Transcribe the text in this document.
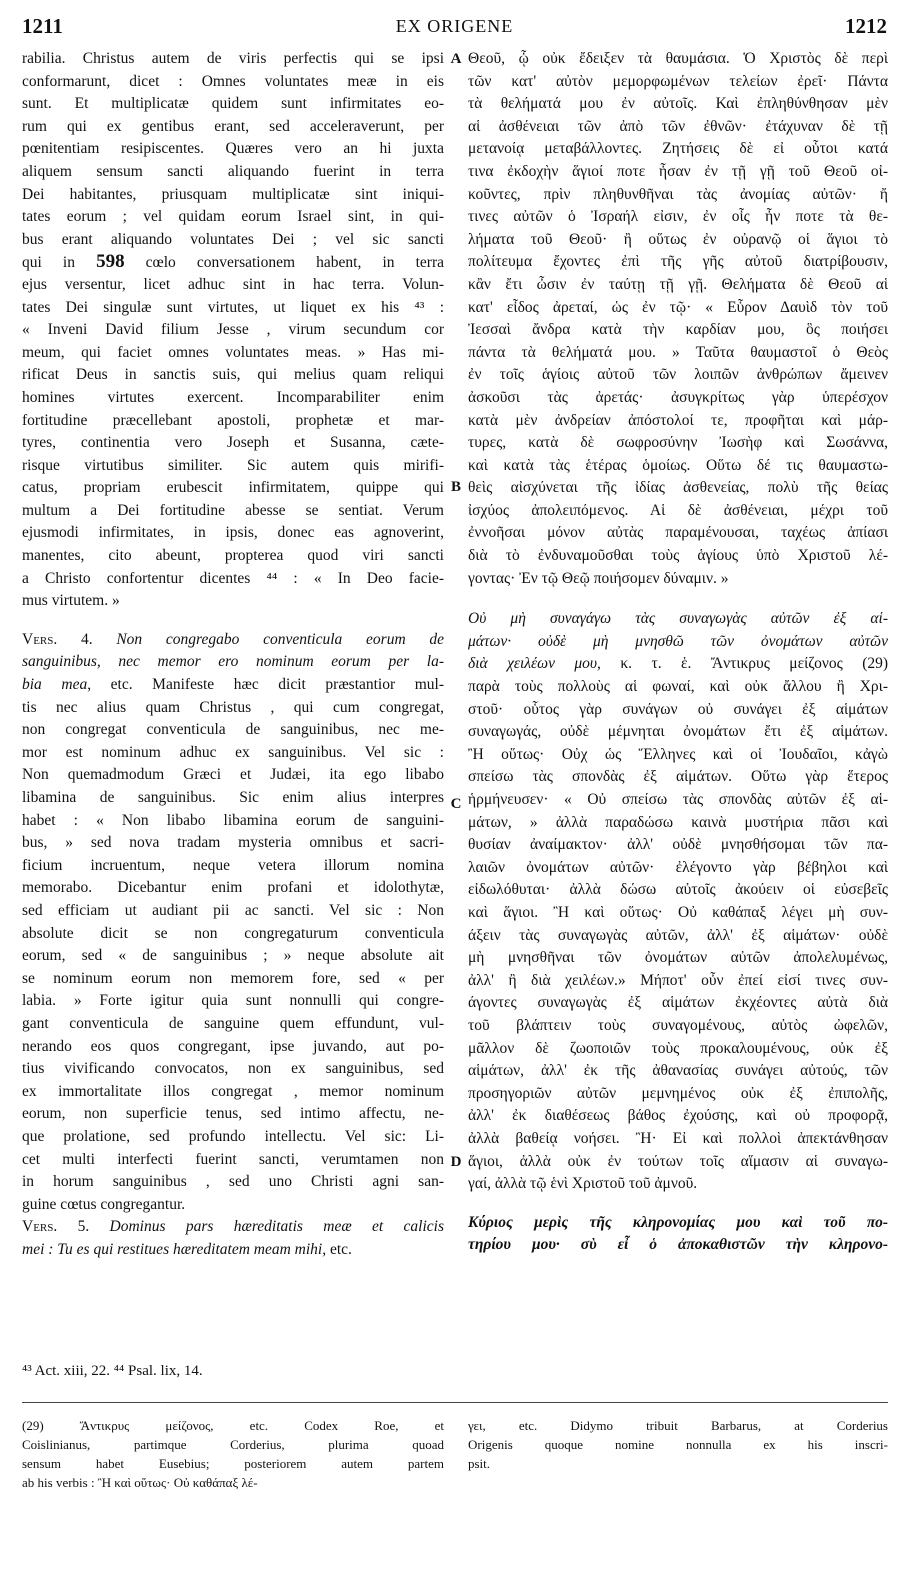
1211	EX ORIGENE	1212
rabilia. Christus autem de viris perfectis qui se ipsi
conformarunt, dicet : Omnes voluntates meæ in eis
sunt. Et multiplicatæ quidem sunt infirmitates eo-
rum qui ex gentibus erant, sed acceleraverunt, per
pœnitentiam resipiscentes. Quæres vero an hi juxta
aliquem sensum sancti aliquando fuerint in terra
Dei habitantes, priusquam multiplicatæ sint iniqui-
tates eorum ; vel quidam eorum Israel sint, in qui-
bus erant aliquando voluntates Dei ; vel sic sancti
qui in 598 cœlo conversationem habent, in terra
ejus versentur, licet adhuc sint in hac terra. Volun-
tates Dei singulæ sunt virtutes, ut liquet ex his ⁴³ :
« Inveni David filium Jesse , virum secundum cor
meum, qui faciet omnes voluntates meas. » Has mi-
rificat Deus in sanctis suis, qui melius quam reliqui
homines virtutes exercent. Incomparabiliter enim
fortitudine præcellebant apostoli, prophetæ et mar-
tyres, continentia vero Joseph et Susanna, cæte-
risque virtutibus similiter. Sic autem quis mirifi-
catus, propriam erubescit infirmitatem, quippe qui
multum a Dei fortitudine abesse se sentiat. Verum
ejusmodi infirmitates, in ipsis, donec eas agnoverint,
manentes, cito abeunt, propterea quod viri sancti
a Christo confortentur dicentes ⁴⁴ : « In Deo facie-
mus virtutem. »
Vers. 4. Non congregabo conventicula eorum de
sanguinibus, nec memor ero nominum eorum per la-
bia mea, etc. Manifeste hæc dicit præstantior mul-
tis nec alius quam Christus , qui cum congregat,
non congregat conventicula de sanguinibus, nec me-
mor est nominum adhuc ex sanguinibus. Vel sic :
Non quemadmodum Græci et Judæi, ita ego libabo
libamina de sanguinibus. Sic enim alius interpres
habet : « Non libabo libamina eorum de sanguini-
bus, » sed nova tradam mysteria omnibus et sacri-
ficium incruentum, neque vetera illorum nomina
memorabo. Dicebantur enim profani et idolothytæ,
sed efficiam ut audiant pii ac sancti. Vel sic : Non
absolute dicit se non congregaturum conventicula
eorum, sed « de sanguinibus ; » neque absolute ait
se nominum eorum non memorem fore, sed « per
labia. » Forte igitur quia sunt nonnulli qui congre-
gant conventicula de sanguine quem effundunt, vul-
nerando eos quos congregant, ipse juvando, aut po-
tius vivificando convocatos, non ex sanguinibus, sed
ex immortalitate illos congregat , memor nominum
eorum, non superficie tenus, sed intimo affectu, ne-
que prolatione, sed profundo intellectu. Vel sic: Li-
cet multi interfecti fuerint sancti, verumtamen non
in horum sanguinibus , sed uno Christi agni san-
guine cœtus congregantur.
Vers. 5. Dominus pars hæreditatis meæ et calicis
mei : Tu es qui restitues hæreditatem meam mihi, etc.
A
B
C
D
Θεοῦ, ᾧ οὐκ ἔδειξεν τὰ θαυμάσια. Ὁ Χριστὸς δὲ περὶ
τῶν κατ' αὐτὸν μεμορφωμένων τελείων ἐρεῖ· Πάντα
τὰ θελήματά μου ἐν αὐτοῖς. Καὶ ἐπληθύνθησαν μὲν
αἱ ἀσθένειαι τῶν ἀπὸ τῶν ἐθνῶν· ἐτάχυναν δὲ τῇ
μετανοίᾳ μεταβάλλοντες. Ζητήσεις δὲ εἰ οὗτοι κατά
τινα ἐκδοχὴν ἅγιοί ποτε ἦσαν ἐν τῇ γῇ τοῦ Θεοῦ οἰ-
κοῦντες, πρὶν πληθυνθῆναι τὰς ἀνομίας αὐτῶν· ἤ
τινες αὐτῶν ὁ Ἰσραήλ εἰσιν, ἐν οἷς ἦν ποτε τὰ θε-
λήματα τοῦ Θεοῦ· ἢ οὕτως ἐν οὐρανῷ οἱ ἅγιοι τὸ
πολίτευμα ἔχοντες ἐπὶ τῆς γῆς αὐτοῦ διατρίβουσιν,
κἂν ἔτι ὦσιν ἐν ταύτῃ τῇ γῇ. Θελήματα δὲ Θεοῦ αἱ
κατ' εἶδος ἀρεταί, ὡς ἐν τῷ· « Εὗρον Δαυὶδ τὸν τοῦ
Ἰεσσαὶ ἄνδρα κατὰ τὴν καρδίαν μου, ὃς ποιήσει
πάντα τὰ θελήματά μου. » Ταῦτα θαυμαστοῖ ὁ Θεὸς
ἐν τοῖς ἁγίοις αὐτοῦ τῶν λοιπῶν ἀνθρώπων ἄμεινεν
ἀσκοῦσι τὰς ἀρετάς· ἀσυγκρίτως γὰρ ὑπερέσχον
κατὰ μὲν ἀνδρείαν ἀπόστολοί τε, προφῆται καὶ μάρ-
τυρες, κατὰ δὲ σωφροσύνην Ἰωσὴφ καὶ Σωσάννα,
καὶ κατὰ τὰς ἑτέρας ὁμοίως. Οὕτω δέ τις θαυμαστω-
θεὶς αἰσχύνεται τῆς ἰδίας ἀσθενείας, πολὺ τῆς θείας
ἰσχύος ἀπολειπόμενος. Αἱ δὲ ἀσθένειαι, μέχρι τοῦ
ἐννοῆσαι μόνον αὐτὰς παραμένουσαι, ταχέως ἀπίασι
διὰ τὸ ἐνδυναμοῦσθαι τοὺς ἁγίους ὑπὸ Χριστοῦ λέ-
γοντας· Ἐν τῷ Θεῷ ποιήσομεν δύναμιν. »
Οὐ μὴ συναγάγω τὰς συναγωγὰς αὐτῶν ἐξ αἱ-
μάτων· οὐδὲ μὴ μνησθῶ τῶν ὀνομάτων αὐτῶν
διὰ χειλέων μου, κ. τ. ἑ. Ἄντικρυς μείζονος (29)
παρὰ τοὺς πολλοὺς αἱ φωναί, καὶ οὐκ ἄλλου ἢ Χρι-
στοῦ· οὗτος γὰρ συνάγων οὐ συνάγει ἐξ αἱμάτων
συναγωγάς, οὐδὲ μέμνηται ὀνομάτων ἔτι ἐξ αἱμάτων.
Ἢ οὕτως· Οὐχ ὡς Ἕλληνες καὶ οἱ Ἰουδαῖοι, κἀγὼ
σπείσω τὰς σπονδὰς ἐξ αἱμάτων. Οὕτω γὰρ ἕτερος
ἡρμήνευσεν· « Οὐ σπείσω τὰς σπονδὰς αὐτῶν ἐξ αἱ-
μάτων, » ἀλλὰ παραδώσω καινὰ μυστήρια πᾶσι καὶ
θυσίαν ἀναίμακτον· ἀλλ' οὐδὲ μνησθήσομαι τῶν πα-
λαιῶν ὀνομάτων αὐτῶν· ἐλέγοντο γὰρ βέβηλοι καὶ
εἰδωλόθυται· ἀλλὰ δώσω αὐτοῖς ἀκούειν οἱ εὐσεβεῖς
καὶ ἅγιοι. Ἢ καὶ οὕτως· Οὐ καθάπαξ λέγει μὴ συν-
άξειν τὰς συναγωγὰς αὐτῶν, ἀλλ' ἐξ αἱμάτων· οὐδὲ
μὴ μνησθῆναι τῶν ὀνομάτων αὐτῶν ἀπολελυμένως,
ἀλλ' ἢ διὰ χειλέων.» Μήποτ' οὖν ἐπεί εἰσί τινες συν-
άγοντες συναγωγὰς ἐξ αἱμάτων ἐκχέοντες αὐτὰ διὰ
τοῦ βλάπτειν τοὺς συναγομένους, αὐτὸς ὠφελῶν,
μᾶλλον δὲ ζωοποιῶν τοὺς προκαλουμένους, οὐκ ἐξ
αἱμάτων, ἀλλ' ἐκ τῆς ἀθανασίας συνάγει αὐτούς, τῶν
προσηγοριῶν αὐτῶν μεμνημένος οὐκ ἐξ ἐπιπολῆς,
ἀλλ' ἐκ διαθέσεως βάθος ἐχούσης, καὶ οὐ προφορᾷ,
ἀλλὰ βαθείᾳ νοήσει. Ἢ· Εἰ καὶ πολλοὶ ἀπεκτάνθησαν
ἅγιοι, ἀλλὰ οὐκ ἐν τούτων τοῖς αἵμασιν αἱ συναγω-
γαί, ἀλλὰ τῷ ἑνὶ Χριστοῦ τοῦ ἀμνοῦ.
Κύριος μερὶς τῆς κληρονομίας μου καὶ τοῦ πο-
τηρίου μου· σὺ εἶ ὁ ἀποκαθιστῶν τὴν κληρονο-
⁴³ Act. xiii, 22. ⁴⁴ Psal. lix, 14.
(29) Ἄντικρυς μείζονος, etc. Codex Roe, et
Coislinianus, partimque Corderius, plurima quoad
sensum habet Eusebius; posteriorem autem partem
ab his verbis : Ἢ καὶ οὕτως· Οὐ καθάπαξ λέ-
γει, etc. Didymo tribuit Barbarus, at Corderius
Origenis quoque nomine nonnulla ex his inscri-
psit.
